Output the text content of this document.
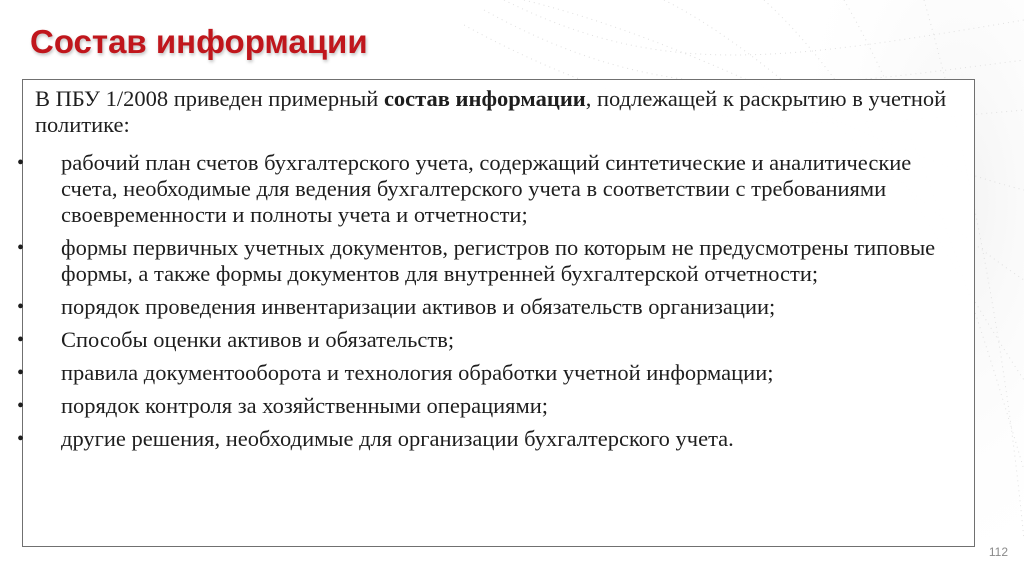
Состав информации

В ПБУ 1/2008 приведен примерный состав информации, подлежащей к раскрытию в учетной политике:

• рабочий план счетов бухгалтерского учета, содержащий синтетические и аналитические счета, необходимые для ведения бухгалтерского учета в соответствии с требованиями своевременности и полноты учета и отчетности;
• формы первичных учетных документов, регистров по которым не предусмотрены типовые формы, а также формы документов для внутренней бухгалтерской отчетности;
• порядок проведения инвентаризации активов и обязательств организации;
• Способы оценки активов и обязательств;
• правила документооборота и технология обработки учетной информации;
• порядок контроля за хозяйственными операциями;
• другие решения, необходимые для организации бухгалтерского учета.
112
